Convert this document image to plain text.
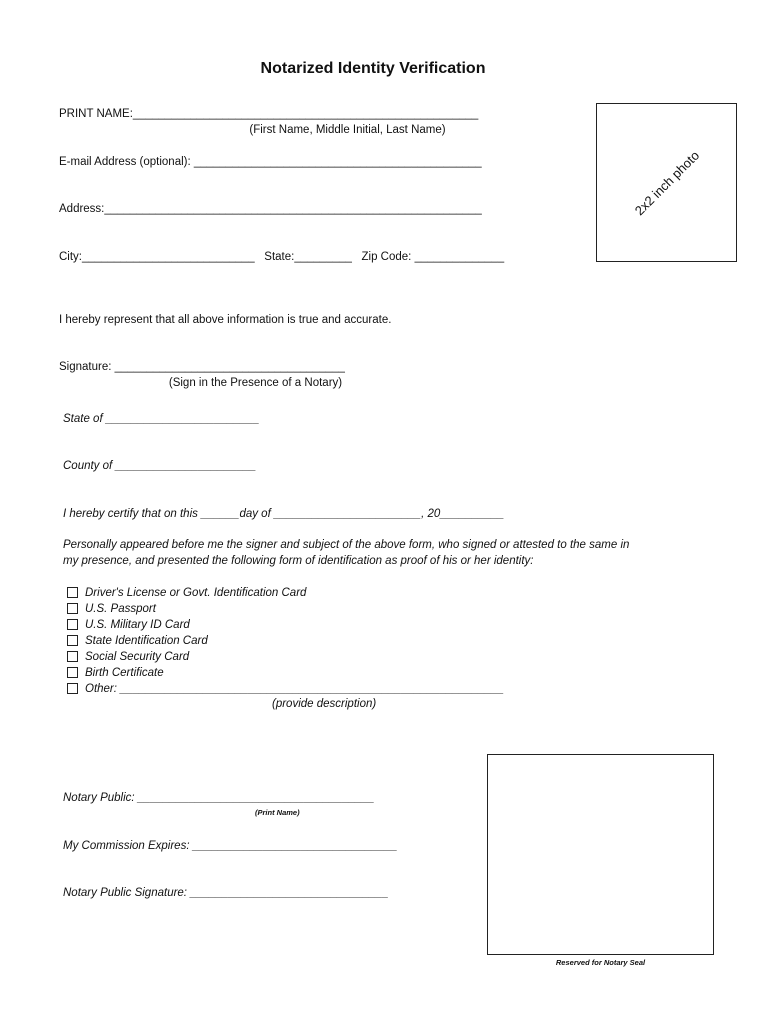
Notarized Identity Verification
PRINT NAME:______________________________________________________
(First Name, Middle Initial, Last Name)
E-mail Address (optional): _____________________________________________
Address:___________________________________________________________
City:___________________________ State:_________ Zip Code: ______________
2x2 inch photo
I hereby represent that all above information is true and accurate.
Signature: ____________________________________
(Sign in the Presence of a Notary)
State of ________________________
County of ______________________
I hereby certify that on this ______day of _______________________, 20__________
Personally appeared before me the signer and subject of the above form, who signed or attested to the same in
my presence, and presented the following form of identification as proof of his or her identity:
Driver's License or Govt. Identification Card
U.S. Passport
U.S. Military ID Card
State Identification Card
Social Security Card
Birth Certificate
Other: ____________________________________________________________
(provide description)
Notary Public: _____________________________________
(Print Name)
My Commission Expires: ________________________________
Notary Public Signature: _______________________________
Reserved for Notary Seal
